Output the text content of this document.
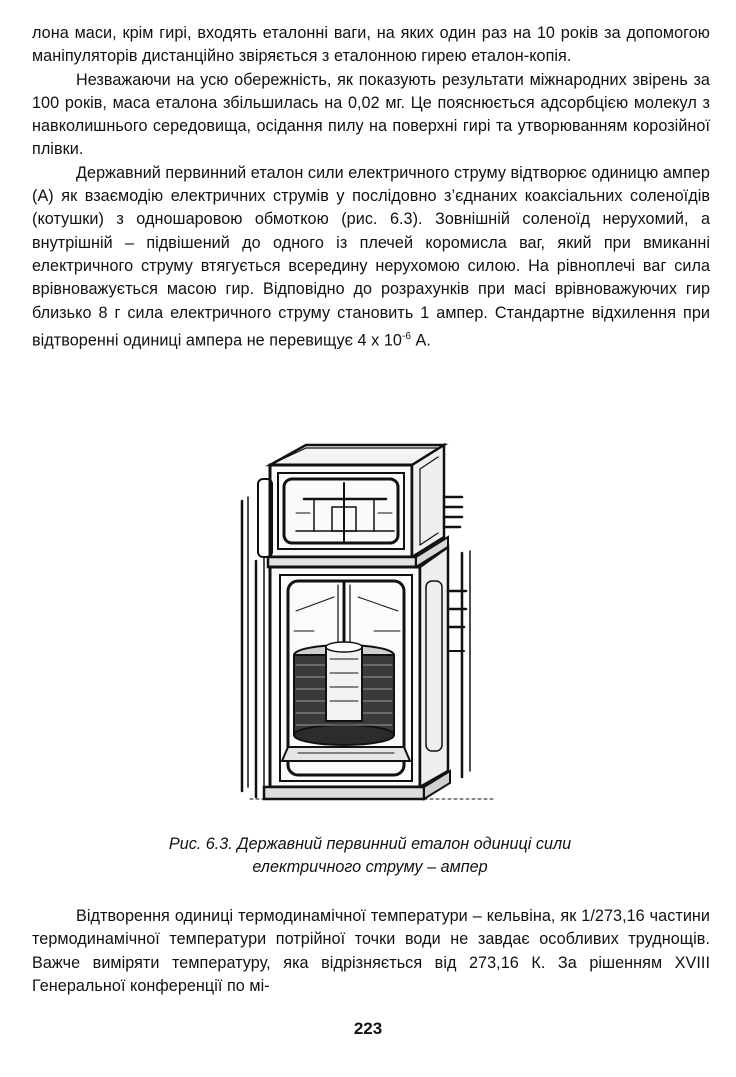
лона маси, крім гирі, входять еталонні ваги, на яких один раз на 10 років за допомогою маніпуляторів дистанційно звіряється з еталонною гирею еталон-копія.

Незважаючи на усю обережність, як показують результати міжнародних звірень за 100 років, маса еталона збільшилась на 0,02 мг. Це пояснюється адсорбцією молекул з навколишнього середовища, осідання пилу на поверхні гирі та утворюванням корозійної плівки.

Державний первинний еталон сили електричного струму відтворює одиницю ампер (А) як взаємодію електричних струмів у послідовно з’єднаних коаксіальних соленоїдів (котушки) з одношаровою обмоткою (рис. 6.3). Зовнішній соленоїд нерухомий, а внутрішній – підвішений до одного із плечей коромисла ваг, який при вмиканні електричного струму втягується всередину нерухомою силою. На рівноплечі ваг сила врівноважується масою гир. Відповідно до розрахунків при масі врівноважуючих гир близько 8 г сила електричного струму становить 1 ампер. Стандартне відхилення при відтворенні одиниці ампера не перевищує 4 x $10^{-6}$ А.

Рис. 6.3. Державний первинний еталон одиниці сили
електричного струму – ампер

Відтворення одиниці термодинамічної температури – кельвіна, як 1/273,16 частини термодинамічної температури потрійної точки води не завдає особливих труднощів. Важче виміряти температуру, яка відрізняється від 273,16 К. За рішенням XVIII Генеральної конференції по мі-

223
